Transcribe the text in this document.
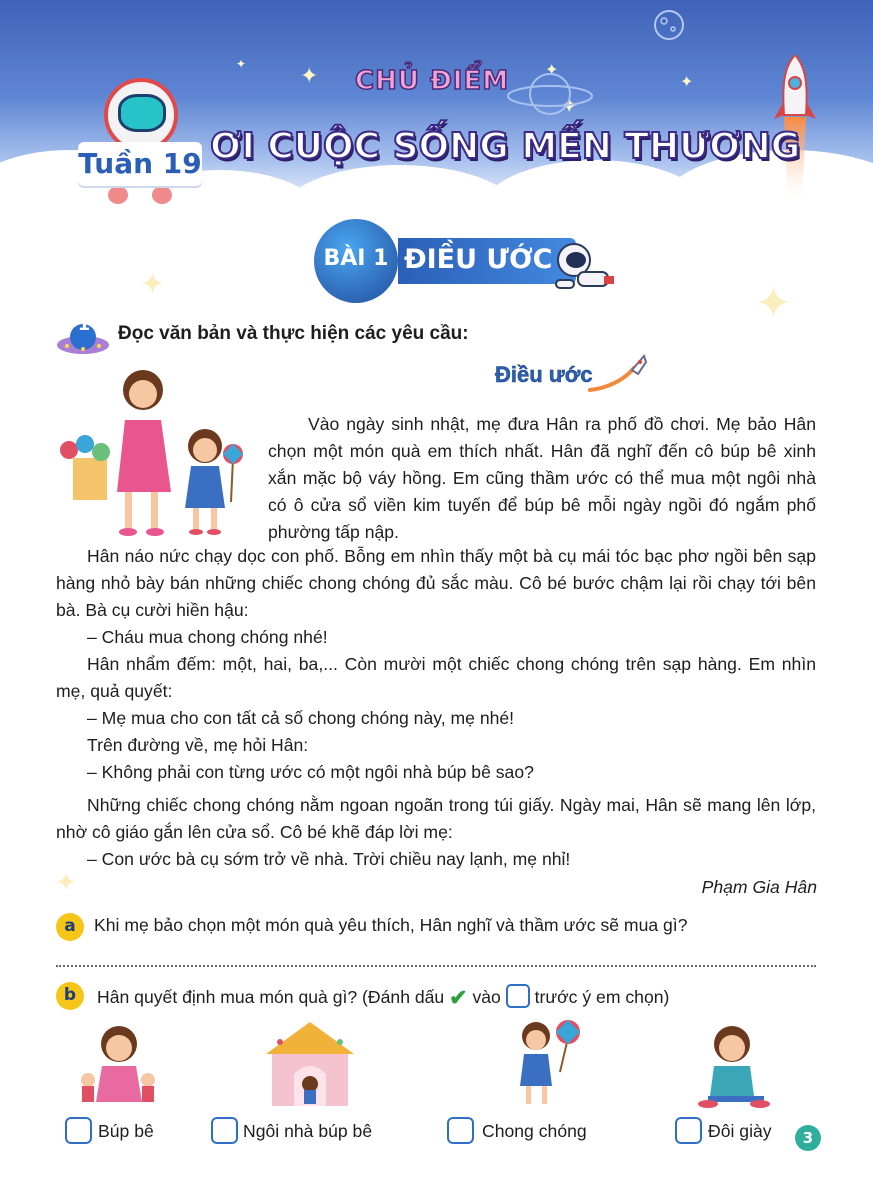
✦	✦
✦
✦
✦
CHỦ ĐIỂM
ƠI CUỘC SỐNG MẾN THƯƠNG
Tuần 19
✦	✦
✦
BÀI 1 ĐIỀU ƯỚC
1 Đọc văn bản và thực hiện các yêu cầu:
Điều ước

Vào ngày sinh nhật, mẹ đưa Hân ra phố đồ chơi. Mẹ bảo Hân chọn một món quà em thích nhất. Hân đã nghĩ đến cô búp bê xinh xắn mặc bộ váy hồng. Em cũng thầm ước có thể mua một ngôi nhà có ô cửa sổ viền kim tuyến để búp bê mỗi ngày ngồi đó ngắm phố phường tấp nập.

Hân náo nức chạy dọc con phố. Bỗng em nhìn thấy một bà cụ mái tóc bạc phơ ngồi bên sạp hàng nhỏ bày bán những chiếc chong chóng đủ sắc màu. Cô bé bước chậm lại rồi chạy tới bên bà. Bà cụ cười hiền hậu:

– Cháu mua chong chóng nhé!

Hân nhẩm đếm: một, hai, ba,... Còn mười một chiếc chong chóng trên sạp hàng. Em nhìn mẹ, quả quyết:

– Mẹ mua cho con tất cả số chong chóng này, mẹ nhé!

Trên đường về, mẹ hỏi Hân:

– Không phải con từng ước có một ngôi nhà búp bê sao?

Những chiếc chong chóng nằm ngoan ngoãn trong túi giấy. Ngày mai, Hân sẽ mang lên lớp, nhờ cô giáo gắn lên cửa sổ. Cô bé khẽ đáp lời mẹ:

– Con ước bà cụ sớm trở về nhà. Trời chiều nay lạnh, mẹ nhỉ!

Phạm Gia Hân
a	Khi mẹ bảo chọn một món quà yêu thích, Hân nghĩ và thầm ước sẽ mua gì?
b	Hân quyết định mua món quà gì? (Đánh dấu ✔ vào trước ý em chọn)
Búp bê	Ngôi nhà búp bê	Chong chóng	Đôi giày	3
